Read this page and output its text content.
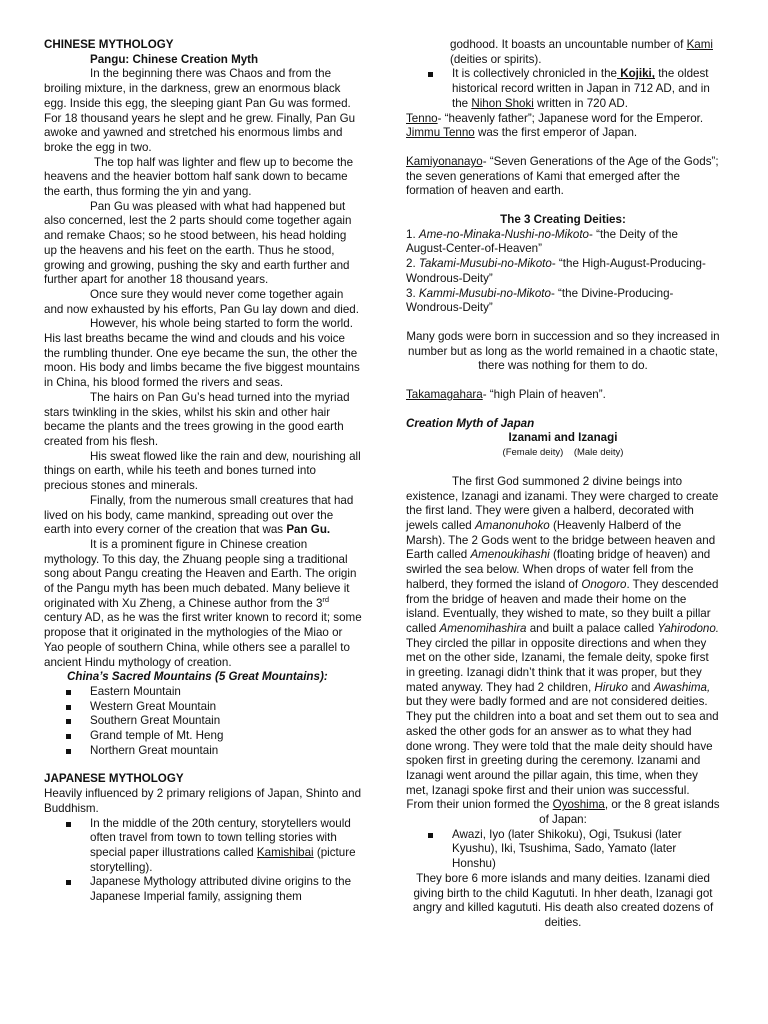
CHINESE MYTHOLOGY

Pangu: Chinese Creation Myth

In the beginning there was Chaos and from the broiling mixture, in the darkness, grew an enormous black egg. Inside this egg, the sleeping giant Pan Gu was formed. For 18 thousand years he slept and he grew. Finally, Pan Gu awoke and yawned and stretched his enormous limbs and broke the egg in two.

The top half was lighter and flew up to become the heavens and the heavier bottom half sank down to became the earth, thus forming the yin and yang.

Pan Gu was pleased with what had happened but also concerned, lest the 2 parts should come together again and remake Chaos; so he stood between, his head holding up the heavens and his feet on the earth. Thus he stood, growing and growing, pushing the sky and earth further and further apart for another 18 thousand years.

Once sure they would never come together again and now exhausted by his efforts, Pan Gu lay down and died.

However, his whole being started to form the world. His last breaths became the wind and clouds and his voice the rumbling thunder. One eye became the sun, the other the moon. His body and limbs became the five biggest mountains in China, his blood formed the rivers and seas.

The hairs on Pan Gu’s head turned into the myriad stars twinkling in the skies, whilst his skin and other hair became the plants and the trees growing in the good earth created from his flesh.

His sweat flowed like the rain and dew, nourishing all things on earth, while his teeth and bones turned into precious stones and minerals.

Finally, from the numerous small creatures that had lived on his body, came mankind, spreading out over the earth into every corner of the creation that was Pan Gu.

It is a prominent figure in Chinese creation mythology. To this day, the Zhuang people sing a traditional song about Pangu creating the Heaven and Earth. The origin of the Pangu myth has been much debated. Many believe it originated with Xu Zheng, a Chinese author from the 3rd century AD, as he was the first writer known to record it; some propose that it originated in the mythologies of the Miao or Yao people of southern China, while others see a parallel to ancient Hindu mythology of creation.

China’s Sacred Mountains (5 Great Mountains):

Eastern Mountain
Western Great Mountain
Southern Great Mountain
Grand temple of Mt. Heng
Northern Great mountain

JAPANESE MYTHOLOGY

Heavily influenced by 2 primary religions of Japan, Shinto and Buddhism.

In the middle of the 20th century, storytellers would often travel from town to town telling stories with special paper illustrations called Kamishibai (picture storytelling).
Japanese Mythology attributed divine origins to the Japanese Imperial family, assigning them

godhood. It boasts an uncountable number of Kami (deities or spirits).

It is collectively chronicled in the Kojiki, the oldest historical record written in Japan in 712 AD, and in the Nihon Shoki written in 720 AD.

Tenno- “heavenly father”; Japanese word for the Emperor. Jimmu Tenno was the first emperor of Japan.

Kamiyonanayo- “Seven Generations of the Age of the Gods”; the seven generations of Kami that emerged after the formation of heaven and earth.

The 3 Creating Deities:

1. Ame-no-Minaka-Nushi-no-Mikoto- “the Deity of the August-Center-of-Heaven”

2. Takami-Musubi-no-Mikoto- “the High-August-Producing-Wondrous-Deity”

3. Kammi-Musubi-no-Mikoto- “the Divine-Producing-Wondrous-Deity”

Many gods were born in succession and so they increased in number but as long as the world remained in a chaotic state, there was nothing for them to do.

Takamagahara- “high Plain of heaven”.

Creation Myth of Japan

Izanami and Izanagi

(Female deity)    (Male deity)

The first God summoned 2 divine beings into existence, Izanagi and izanami. They were charged to create the first land. They were given a halberd, decorated with jewels called Amanonuhoko (Heavenly Halberd of the Marsh). The 2 Gods went to the bridge between heaven and Earth called Amenoukihashi (floating bridge of heaven) and swirled the sea below. When drops of water fell from the halberd, they formed the island of Onogoro. They descended from the bridge of heaven and made their home on the island. Eventually, they wished to mate, so they built a pillar called Amenomihashira and built a palace called Yahirodono. They circled the pillar in opposite directions and when they met on the other side, Izanami, the female deity, spoke first in greeting. Izanagi didn’t think that it was proper, but they mated anyway. They had 2 children, Hiruko and Awashima, but they were badly formed and are not considered deities. They put the children into a boat and set them out to sea and asked the other gods for an answer as to what they had done wrong. They were told that the male deity should have spoken first in greeting during the ceremony. Izanami and Izanagi went around the pillar again, this time, when they met, Izanagi spoke first and their union was successful.

From their union formed the Oyoshima, or the 8 great islands of Japan:

Awazi, Iyo (later Shikoku), Ogi, Tsukusi (later Kyushu), Iki, Tsushima, Sado, Yamato (later Honshu)

They bore 6 more islands and many deities. Izanami died giving birth to the child Kagututi. In hher death, Izanagi got angry and killed kagututi. His death also created dozens of deities.
